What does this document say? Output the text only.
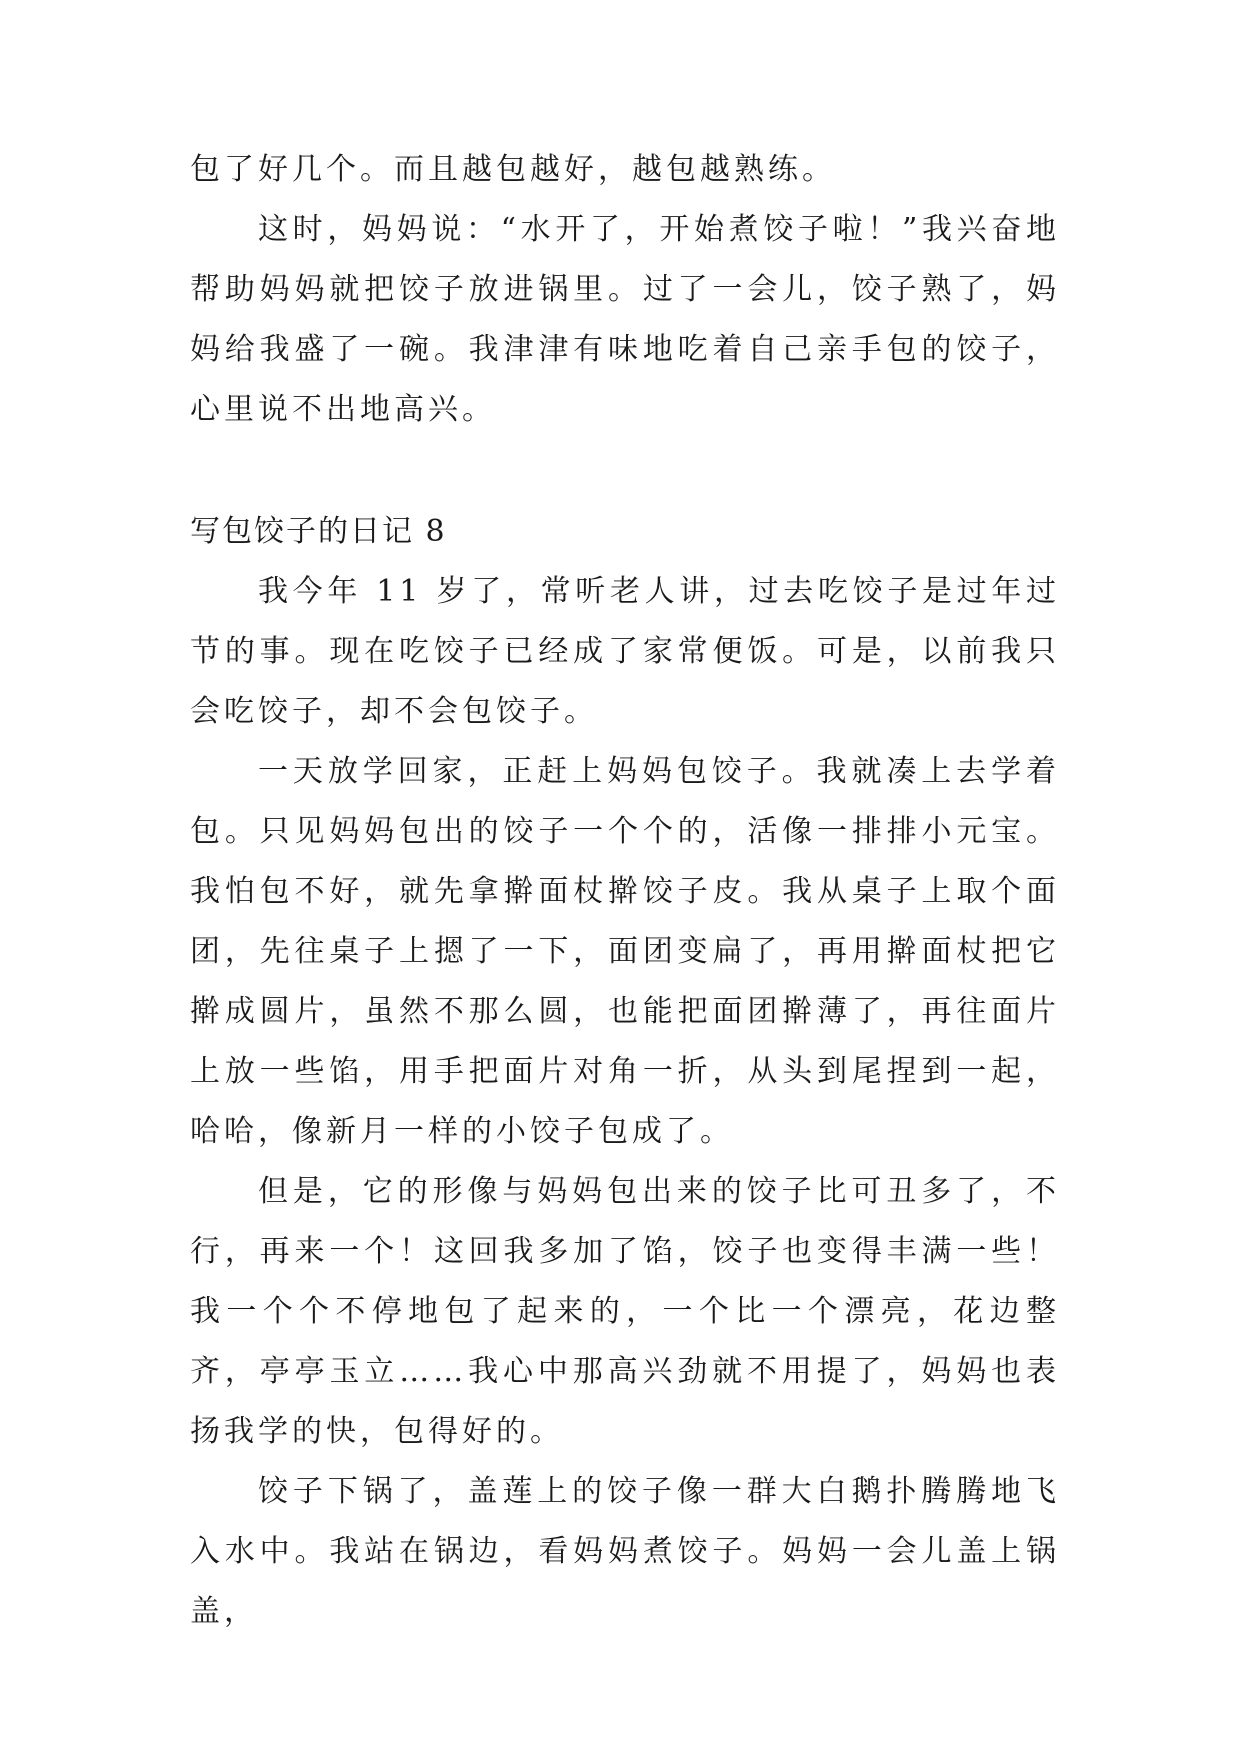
包了好几个。而且越包越好，越包越熟练。

这时，妈妈说：“水开了，开始煮饺子啦！”我兴奋地帮助妈妈就把饺子放进锅里。过了一会儿，饺子熟了，妈妈给我盛了一碗。我津津有味地吃着自己亲手包的饺子，心里说不出地高兴。

写包饺子的日记 8

我今年 11 岁了，常听老人讲，过去吃饺子是过年过节的事。现在吃饺子已经成了家常便饭。可是，以前我只会吃饺子，却不会包饺子。

一天放学回家，正赶上妈妈包饺子。我就凑上去学着包。只见妈妈包出的饺子一个个的，活像一排排小元宝。我怕包不好，就先拿擀面杖擀饺子皮。我从桌子上取个面团，先往桌子上摁了一下，面团变扁了，再用擀面杖把它擀成圆片，虽然不那么圆，也能把面团擀薄了，再往面片上放一些馅，用手把面片对角一折，从头到尾捏到一起，哈哈，像新月一样的小饺子包成了。

但是，它的形像与妈妈包出来的饺子比可丑多了，不行，再来一个！这回我多加了馅，饺子也变得丰满一些！我一个个不停地包了起来的，一个比一个漂亮，花边整齐，亭亭玉立……我心中那高兴劲就不用提了，妈妈也表扬我学的快，包得好的。

饺子下锅了，盖莲上的饺子像一群大白鹅扑腾腾地飞入水中。我站在锅边，看妈妈煮饺子。妈妈一会儿盖上锅盖，
